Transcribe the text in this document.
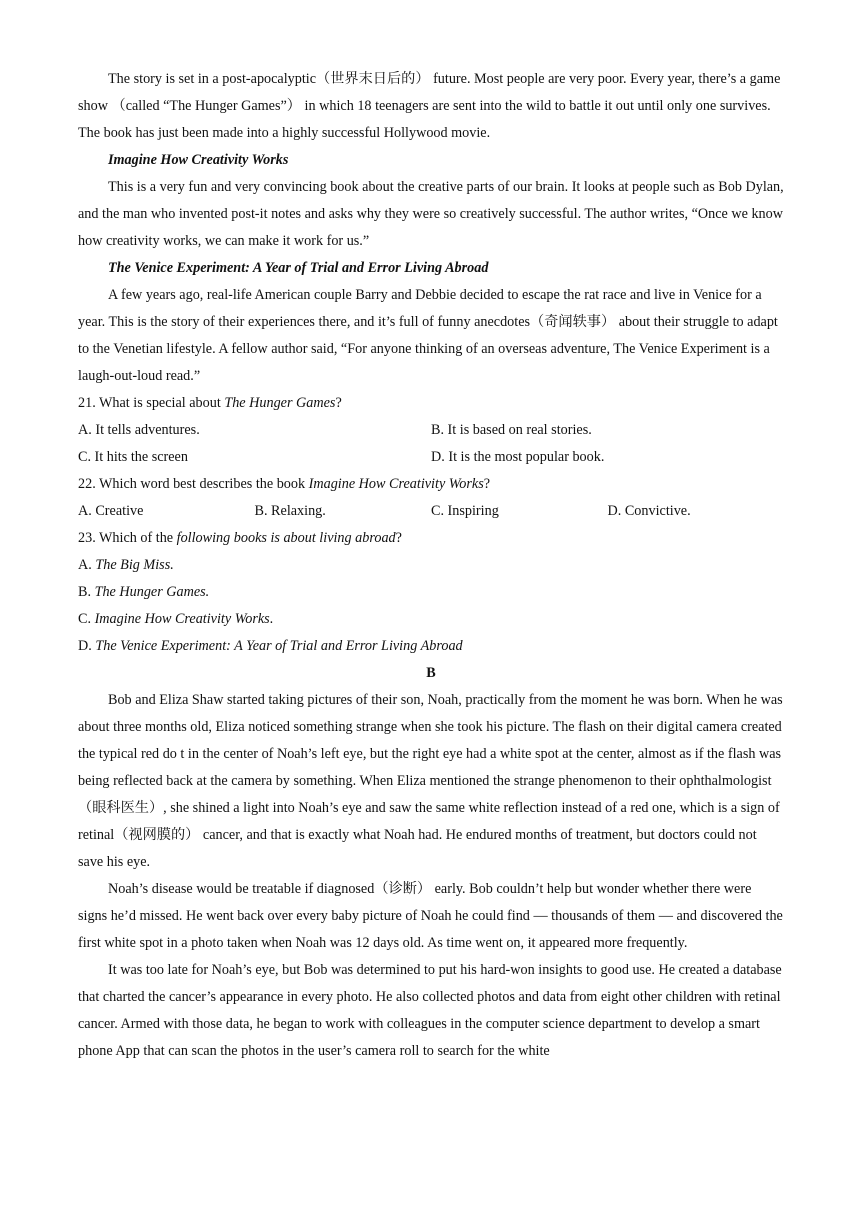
The story is set in a post-apocalyptic（世界末日后的） future. Most people are very poor. Every year, there’s a game show （called “The Hunger Games”） in which 18 teenagers are sent into the wild to battle it out until only one survives. The book has just been made into a highly successful Hollywood movie.

Imagine How Creativity Works

This is a very fun and very convincing book about the creative parts of our brain. It looks at people such as Bob Dylan, and the man who invented post-it notes and asks why they were so creatively successful. The author writes, “Once we know how creativity works, we can make it work for us.”

The Venice Experiment: A Year of Trial and Error Living Abroad

A few years ago, real-life American couple Barry and Debbie decided to escape the rat race and live in Venice for a year. This is the story of their experiences there, and it’s full of funny anecdotes（奇闻轶事） about their struggle to adapt to the Venetian lifestyle. A fellow author said, “For anyone thinking of an overseas adventure, The Venice Experiment is a laugh-out-loud read.”

21. What is special about The Hunger Games?

A. It tells adventures.	B. It is based on real stories.
C. It hits the screen	D. It is the most popular book.

22. Which word best describes the book Imagine How Creativity Works?

A. Creative	B. Relaxing.	C. Inspiring	D. Convictive.

23. Which of the following books is about living abroad?

A. The Big Miss.

B. The Hunger Games.

C. Imagine How Creativity Works.

D. The Venice Experiment: A Year of Trial and Error Living Abroad

B

Bob and Eliza Shaw started taking pictures of their son, Noah, practically from the moment he was born. When he was about three months old, Eliza noticed something strange when she took his picture. The flash on their digital camera created the typical red do t in the center of Noah’s left eye, but the right eye had a white spot at the center, almost as if the flash was being reflected back at the camera by something. When Eliza mentioned the strange phenomenon to their ophthalmologist（眼科医生）, she shined a light into Noah’s eye and saw the same white reflection instead of a red one, which is a sign of retinal（视网膜的） cancer, and that is exactly what Noah had. He endured months of treatment, but doctors could not save his eye.

Noah’s disease would be treatable if diagnosed（诊断） early. Bob couldn’t help but wonder whether there were signs he’d missed. He went back over every baby picture of Noah he could find — thousands of them — and discovered the first white spot in a photo taken when Noah was 12 days old. As time went on, it appeared more frequently.

It was too late for Noah’s eye, but Bob was determined to put his hard-won insights to good use. He created a database that charted the cancer’s appearance in every photo. He also collected photos and data from eight other children with retinal cancer. Armed with those data, he began to work with colleagues in the computer science department to develop a smart phone App that can scan the photos in the user’s camera roll to search for the white
